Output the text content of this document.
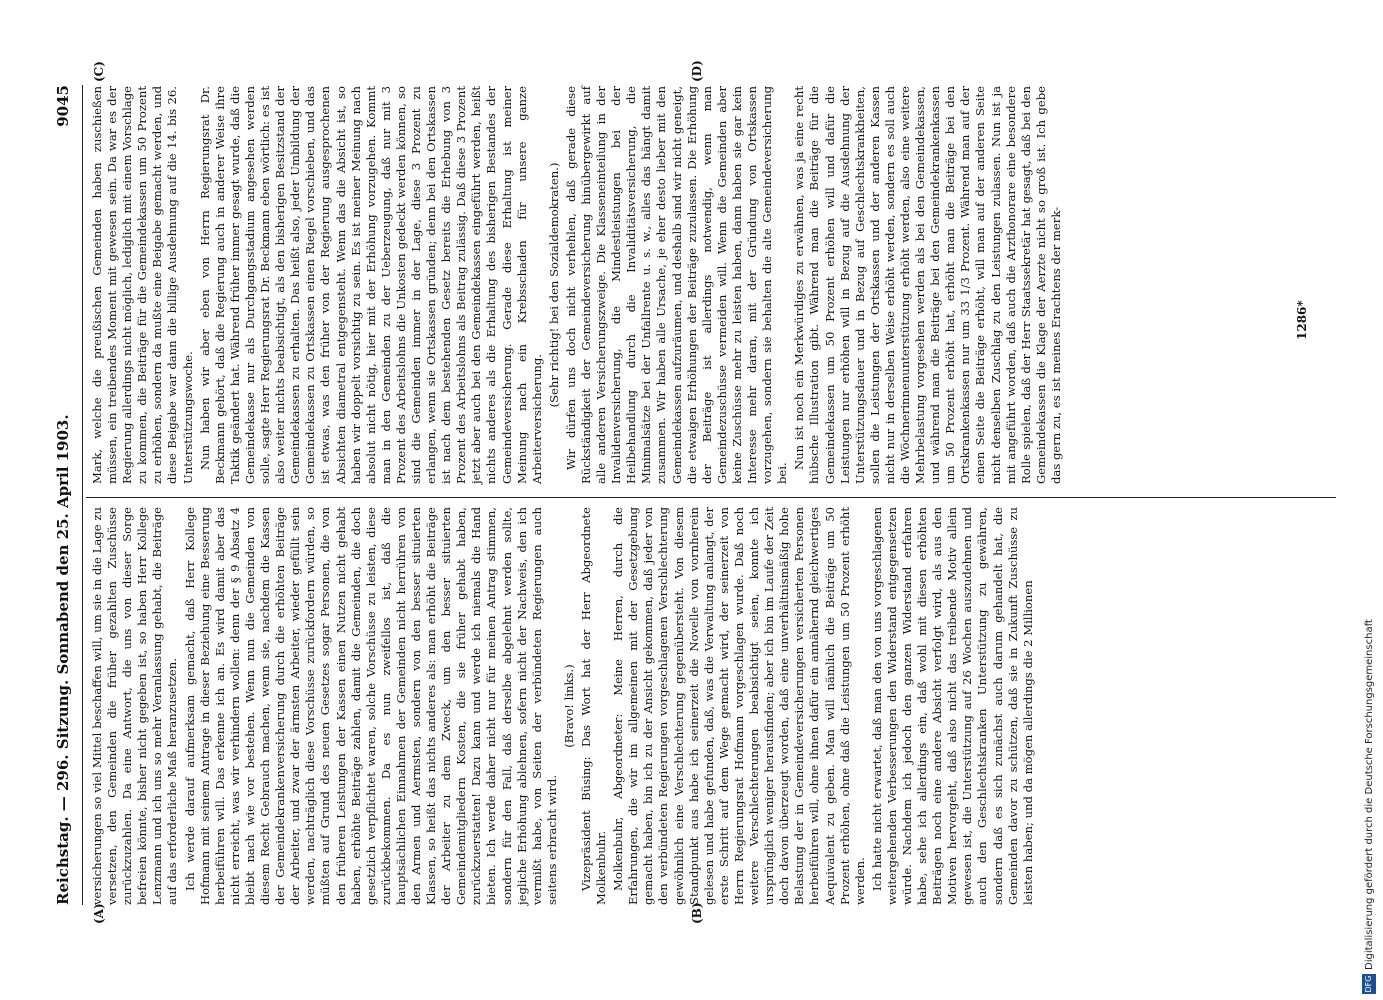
Reichstag. — 296. Sitzung. Sonnabend den 25. April 1903.
9045
(A)	(B)
(C)	(D)

versicherungen so viel Mittel beschaffen will, um sie in die Lage zu versetzen, den Gemeinden die früher gezahlten Zuschüsse zurückzuzahlen. Da eine Antwort, die uns von dieser Sorge befreien könnte, bisher nicht gegeben ist, so haben Herr Kollege Lenzmann und ich uns so mehr Veranlassung gehabt, die Beiträge auf das erforderliche Maß heranzusetzen. Ich werde darauf aufmerksam gemacht, daß Herr Kollege Hofmann mit seinem Antrage in dieser Beziehung eine Besserung herbeiführen will. Das erkenne ich an. Es wird damit aber das nicht erreicht, was wir verhindern wollen: denn der § 9 Absatz 4 bleibt nach wie vor bestehen. Wenn nun die Gemeinden von diesem Recht Gebrauch machen, wenn sie, nachdem die Kassen der Gemeindekrankenversicherung durch die erhöhten Beiträge der Arbeiter, und zwar der ärmsten Arbeiter, wieder gefüllt sein werden, nachträglich diese Vorschüsse zurückfordern würden, so müßten auf Grund des neuen Gesetzes sogar Personen, die von den früheren Leistungen der Kassen einen Nutzen nicht gehabt haben, erhöhte Beiträge zahlen, damit die Gemeinden, die doch gesetzlich verpflichtet waren, solche Vorschüsse zu leisten, diese zurückbekommen. Da es nun zweifellos ist, daß die hauptsächlichen Einnahmen der Gemeinden nicht herrühren von den Armen und Aermsten, sondern von den besser situierten Klassen, so heißt das nichts anderes als: man erhöht die Beiträge der Arbeiter zu dem Zweck, um den besser situierten Gemeindemitgliedern Kosten, die sie früher gehabt haben, zurückzuerstatten! Dazu kann und werde ich niemals die Hand bieten. Ich werde daher nicht nur für meinen Antrag stimmen, sondern für den Fall, daß derselbe abgelehnt werden sollte, jegliche Erhöhung ablehnen, sofern nicht der Nachweis, den ich vermißt habe, von Seiten der verbündeten Regierungen auch seitens erbracht wird.

(Bravo! links.) Vizepräsident Büsing: Das Wort hat der Herr Abgeordnete Molkenbuhr. Molkenbuhr, Abgeordneter: Meine Herren, durch die Erfahrungen, die wir im allgemeinen mit der Gesetzgebung gemacht haben, bin ich zu der Ansicht gekommen, daß jeder von den verbündeten Regierungen vorgeschlagenen Verschlechterung gewöhnlich eine Verschlechterung gegenübersteht. Von diesem Standpunkt aus habe ich seinerzeit die Novelle von vornherein gelesen und habe gefunden, daß, was die Verwaltung anlangt, der erste Schritt auf dem Wege gemacht wird, der seinerzeit von Herrn Regierungsrat Hofmann vorgeschlagen wurde. Daß noch weitere Verschlechterungen beabsichtigt seien, konnte ich ursprünglich weniger herausfinden; aber ich bin im Laufe der Zeit doch davon überzeugt worden, daß eine unverhältnismäßig hohe Belastung der in Gemeindeversicherungen versicherten Personen herbeiführen will, ohne ihnen dafür ein annähernd gleichwertiges Aequivalent zu geben. Man will nämlich die Beiträge um 50 Prozent erhöhen, ohne daß die Leistungen um 50 Prozent erhöht werden. Ich hatte nicht erwartet, daß man den von uns vorgeschlagenen weitergehenden Verbesserungen den Widerstand entgegensetzen würde. Nachdem ich jedoch den ganzen Widerstand erfahren habe, sehe ich allerdings ein, daß wohl mit diesen erhöhten Beiträgen noch eine andere Absicht verfolgt wird, als aus den Motiven hervorgeht, daß also nicht das treibende Motiv allein gewesen ist, die Unterstützung auf 26 Wochen auszudehnen und auch den Geschlechtskranken Unterstützung zu gewähren, sondern daß es sich zunächst auch darum gehandelt hat, die Gemeinden davor zu schützen, daß sie in Zukunft Zuschüsse zu leisten haben; und da mögen allerdings die 2 Millionen

Mark, welche die preußischen Gemeinden haben zuschießen müssen, ein treibendes Moment mit gewesen sein. Da war es der Regierung allerdings nicht möglich, lediglich mit einem Vorschlage zu kommen, die Beiträge für die Gemeindekassen um 50 Prozent zu erhöhen, sondern da mußte eine Beigabe gemacht werden, und diese Beigabe war dann die billige Ausdehnung auf die 14. bis 26. Unterstützungswoche. Nun haben wir aber eben von Herrn Regierungsrat Dr. Beckmann gehört, daß die Regierung auch in anderer Weise ihre Taktik geändert hat. Während früher immer gesagt wurde, daß die Gemeindekasse nur als Durchgangsstadium angesehen werden solle, sagte Herr Regierungsrat Dr. Beckmann eben wörtlich: es ist also weiter nichts beabsichtigt, als den bisherigen Besitzstand der Gemeindekassen zu erhalten. Das heißt also, jeder Umbildung der Gemeindekassen zu Ortskassen einen Riegel vorschieben, und das ist etwas, was den früher von der Regierung ausgesprochenen Absichten diametral entgegensteht. Wenn das die Absicht ist, so haben wir doppelt vorsichtig zu sein. Es ist meiner Meinung nach absolut nicht nötig, hier mit der Erhöhung vorzugehen. Kommt man in den Gemeinden zu der Ueberzeugung, daß nur mit 3 Prozent des Arbeitslohns die Unkosten gedeckt werden können, so sind die Gemeinden immer in der Lage, diese 3 Prozent zu erlangen, wenn sie Ortskassen gründen; denn bei den Ortskassen ist nach dem bestehenden Gesetz bereits die Erhebung von 3 Prozent des Arbeitslohns als Beitrag zulässig. Daß diese 3 Prozent jetzt aber auch bei den Gemeindekassen eingeführt werden, heißt nichts anderes als die Erhaltung des bisherigen Bestandes der Gemeindeversicherung. Gerade diese Erhaltung ist meiner Meinung nach ein Krebsschaden für unsere ganze Arbeiterversicherung.

(Sehr richtig! bei den Sozialdemokraten.) Wir dürfen uns doch nicht verhehlen, daß gerade diese Rückständigkeit der Gemeindeversicherung hinübergewirkt auf alle anderen Versicherungszweige. Die Klasseneinteilung in der Invalidenversicherung, die Mindestleistungen bei der Heilbehandlung durch die Invaliditätsversicherung, die Minimalsätze bei der Unfallrente u. s. w., alles das hängt damit zusammen. Wir haben alle Ursache, je eher desto lieber mit den Gemeindekassen aufzuräumen, und deshalb sind wir nicht geneigt, die etwaigen Erhöhungen der Beiträge zuzulassen. Die Erhöhung der Beiträge ist allerdings notwendig, wenn man Gemeindezuschüsse vermeiden will. Wenn die Gemeinden aber keine Zuschüsse mehr zu leisten haben, dann haben sie gar kein Interesse mehr daran, mit der Gründung von Ortskassen vorzugehen, sondern sie behalten die alte Gemeindeversicherung bei.

Nun ist noch ein Merkwürdiges zu erwähnen, was ja eine recht hübsche Illustration gibt. Während man die Beiträge für die Gemeindekassen um 50 Prozent erhöhen will und dafür die Leistungen nur erhöhen will in Bezug auf die Ausdehnung der Unterstützungsdauer und in Bezug auf Geschlechtskrankheiten, sollen die Leistungen der Ortskassen und der anderen Kassen nicht nur in derselben Weise erhöht werden, sondern es soll auch die Wöchnerinnenunterstützung erhöht werden, also eine weitere Mehrbelastung vorgesehen werden als bei den Gemeindekassen, und während man die Beiträge bei den Gemeindekrankenkassen um 50 Prozent erhöht hat, erhöht man die Beiträge bei den Ortskrankenkassen nur um 33 1/3 Prozent. Während man auf der einen Seite die Beiträge erhöht, will man auf der anderen Seite nicht denselben Zuschlag zu den Leistungen zulassen. Nun ist ja mit angeführt worden, daß auch die Arzthonorare eine besondere Rolle spielen, daß der Herr Staatssekretär hat gesagt, daß bei den Gemeindekassen die Klage der Aerzte nicht so groß ist. Ich gebe das gern zu, es ist meines Erachtens der merk-	1286*
DFG
Digitalisierung gefördert durch die Deutsche Forschungsgemeinschaft
